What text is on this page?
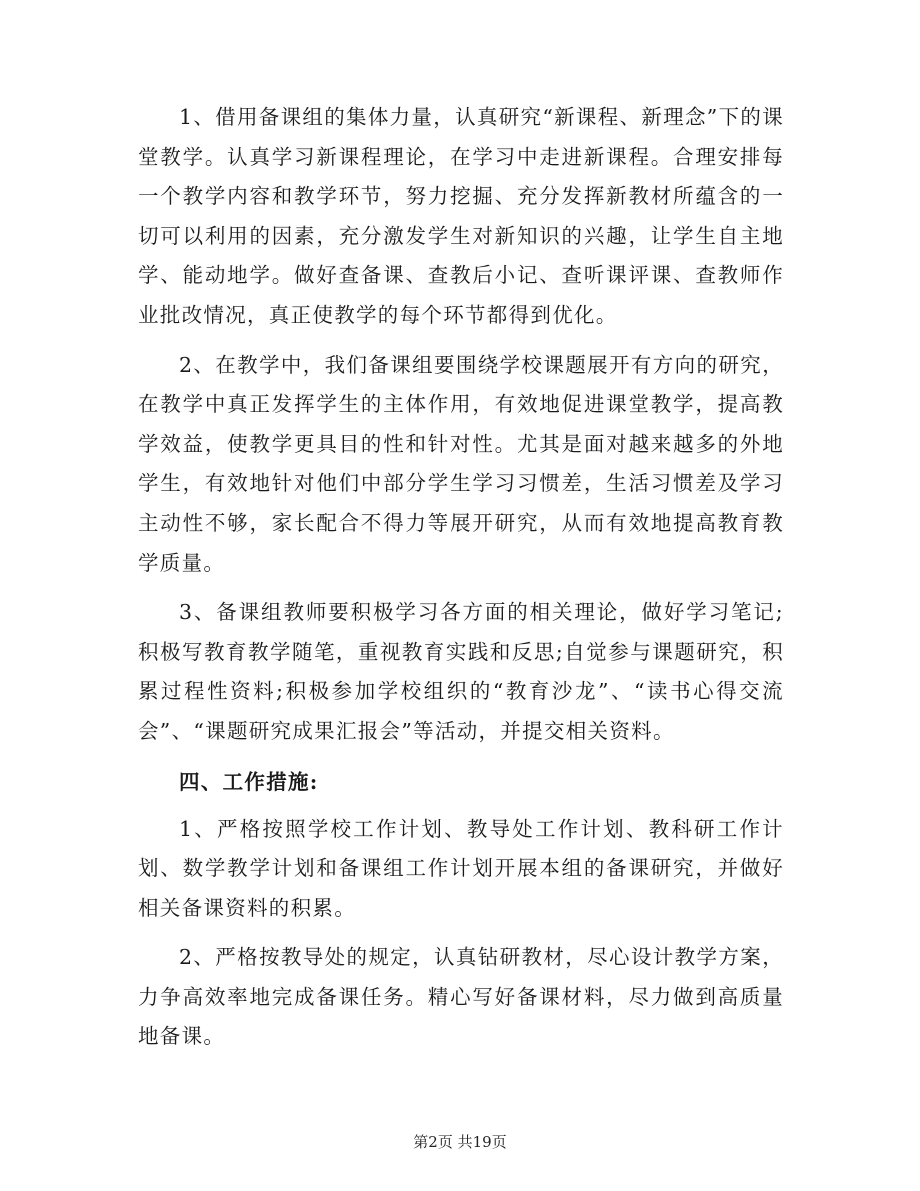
1、借用备课组的集体力量，认真研究“新课程、新理念”下的课堂教学。认真学习新课程理论，在学习中走进新课程。合理安排每一个教学内容和教学环节，努力挖掘、充分发挥新教材所蕴含的一切可以利用的因素，充分激发学生对新知识的兴趣，让学生自主地学、能动地学。做好查备课、查教后小记、查听课评课、查教师作业批改情况，真正使教学的每个环节都得到优化。

2、在教学中，我们备课组要围绕学校课题展开有方向的研究，在教学中真正发挥学生的主体作用，有效地促进课堂教学，提高教学效益，使教学更具目的性和针对性。尤其是面对越来越多的外地学生，有效地针对他们中部分学生学习习惯差，生活习惯差及学习主动性不够，家长配合不得力等展开研究，从而有效地提高教育教学质量。

3、备课组教师要积极学习各方面的相关理论，做好学习笔记;积极写教育教学随笔，重视教育实践和反思;自觉参与课题研究，积累过程性资料;积极参加学校组织的“教育沙龙”、“读书心得交流会”、“课题研究成果汇报会”等活动，并提交相关资料。

四、工作措施:

1、严格按照学校工作计划、教导处工作计划、教科研工作计划、数学教学计划和备课组工作计划开展本组的备课研究，并做好相关备课资料的积累。

2、严格按教导处的规定，认真钻研教材，尽心设计教学方案，力争高效率地完成备课任务。精心写好备课材料，尽力做到高质量地备课。

第2页 共19页
